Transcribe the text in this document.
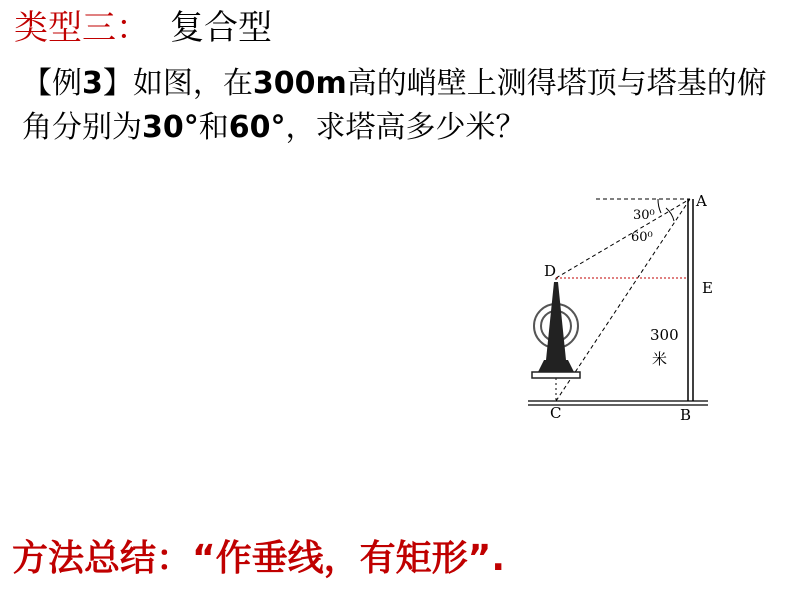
类型三： 复合型
【例3】如图，在300m高的峭壁上测得塔顶与塔基的俯角分别为30°和60°，求塔高多少米？
A
D
E
C	B
30⁰
60⁰
300
米
方法总结：“作垂线，有矩形”.
